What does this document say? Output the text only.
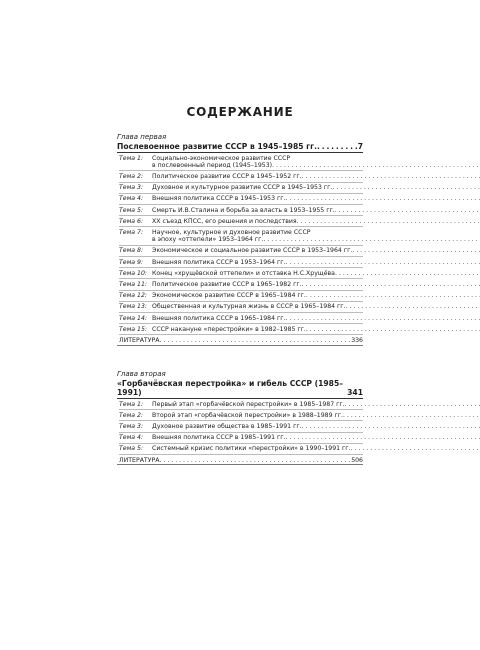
СОДЕРЖАНИЕ
Глава первая
Послевоенное развитие СССР в 1945–1985 гг. . . .	7
Тема 1:	Социально-экономическое развитие СССР
в послевоенный период (1945–1953)
. . .
Тема 2:	Политическое развитие СССР в 1945–1952 гг.
. . .
Тема 3:	Духовное и культурное развитие СССР в 1945–1953 гг.
. . .
Тема 4:	Внешняя политика СССР в 1945–1953 гг.
. . .
Тема 5:	Смерть И.В.Сталина и борьба за власть в 1953–1955 гг.
. . .
Тема 6:	XX съезд КПСС, его решения и последствия
. . .
Тема 7:	Научное, культурное и духовное развитие СССР
в эпоху «оттепели» 1953–1964 гг.
. . .
Тема 8:	Экономическое и социальное развитие СССР в 1953–1964 гг.
. . .
Тема 9:	Внешняя политика СССР в 1953–1964 гг.
. . .
Тема 10: Конец «хрущёвской оттепели» и отставка Н.С.Хрущёва
. . .
Тема 11: Политическое развитие СССР в 1965–1982 гг.
. . .
Тема 12: Экономическое развитие СССР в 1965–1984 гг.
. . .
Тема 13: Общественная и культурная жизнь в СССР в 1965–1984 гг.
. . .
Тема 14: Внешняя политика СССР в 1965–1984 гг.
. . .
Тема 15: СССР накануне «перестройки» в 1982–1985 гг.
. . .
ЛИТЕРАТУРА . . .	336
Глава вторая
«Горбачёвская перестройка» и гибель СССР (1985–1991)	341
Тема 1:	Первый этап «горбачёвской перестройки» в 1985–1987 гг.
. . .
Тема 2:	Второй этап «горбачёвской перестройки» в 1988–1989 гг.
. . .
Тема 3:	Духовное развитие общества в 1985–1991 гг.
. . .
Тема 4:	Внешняя политика СССР в 1985–1991 гг.
. . .
Тема 5:	Системный кризис политики «перестройки» в 1990–1991 гг.
. . .
ЛИТЕРАТУРА . . .	506
